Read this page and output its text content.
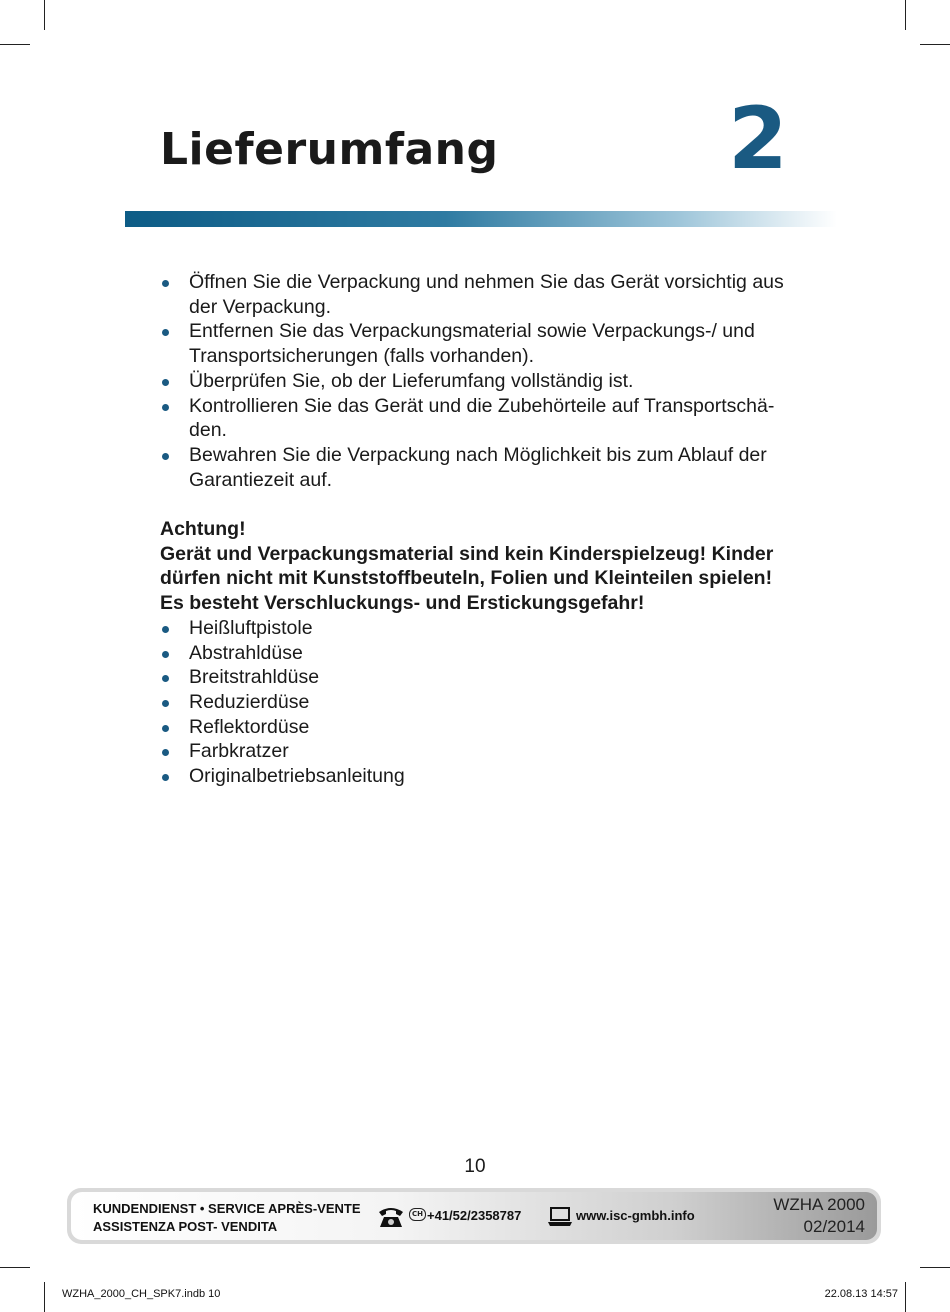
Lieferumfang	2
Öffnen Sie die Verpackung und nehmen Sie das Gerät vorsichtig aus der Verpackung.
Entfernen Sie das Verpackungsmaterial sowie Verpackungs-/ und Transportsicherungen (falls vorhanden).
Überprüfen Sie, ob der Lieferumfang vollständig ist.
Kontrollieren Sie das Gerät und die Zubehörteile auf Transportschä-den.
Bewahren Sie die Verpackung nach Möglichkeit bis zum Ablauf der Garantiezeit auf.

Achtung!

Gerät und Verpackungsmaterial sind kein Kinderspielzeug! Kinder dürfen nicht mit Kunststoffbeuteln, Folien und Kleinteilen spielen! Es besteht Verschluckungs- und Erstickungsgefahr!

Heißluftpistole
Abstrahldüse
Breitstrahldüse
Reduzierdüse
Reflektordüse
Farbkratzer
Originalbetriebsanleitung
10
KUNDENDIENST • SERVICE APRÈS-VENTE
ASSISTENZA POST- VENDITA
CH +41/52/2358787	www.isc-gmbh.info
WZHA 2000
02/2014
WZHA_2000_CH_SPK7.indb 10	22.08.13 14:57
